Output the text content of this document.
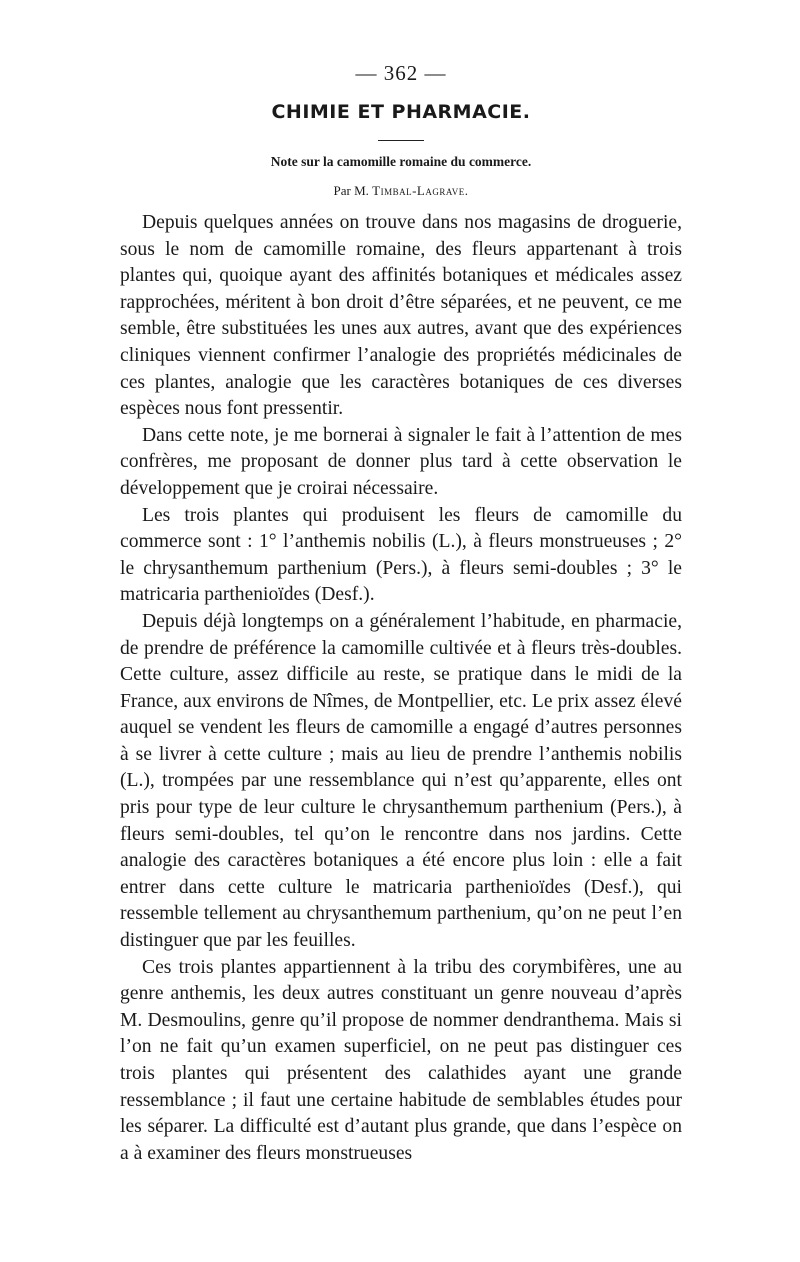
— 362 —
CHIMIE ET PHARMACIE.
Note sur la camomille romaine du commerce.
Par M. Timbal-Lagrave.

Depuis quelques années on trouve dans nos magasins de droguerie, sous le nom de camomille romaine, des fleurs appartenant à trois plantes qui, quoique ayant des affinités botaniques et médicales assez rapprochées, méritent à bon droit d’être séparées, et ne peuvent, ce me semble, être substituées les unes aux autres, avant que des expériences cliniques viennent confirmer l’analogie des propriétés médicinales de ces plantes, analogie que les caractères botaniques de ces diverses espèces nous font pressentir.

Dans cette note, je me bornerai à signaler le fait à l’attention de mes confrères, me proposant de donner plus tard à cette observation le développement que je croirai nécessaire.

Les trois plantes qui produisent les fleurs de camomille du commerce sont : 1° l’anthemis nobilis (L.), à fleurs monstrueuses ; 2° le chrysanthemum parthenium (Pers.), à fleurs semi-doubles ; 3° le matricaria parthenioïdes (Desf.).

Depuis déjà longtemps on a généralement l’habitude, en pharmacie, de prendre de préférence la camomille cultivée et à fleurs très-doubles. Cette culture, assez difficile au reste, se pratique dans le midi de la France, aux environs de Nîmes, de Montpellier, etc. Le prix assez élevé auquel se vendent les fleurs de camomille a engagé d’autres personnes à se livrer à cette culture ; mais au lieu de prendre l’anthemis nobilis (L.), trompées par une ressemblance qui n’est qu’apparente, elles ont pris pour type de leur culture le chrysanthemum parthenium (Pers.), à fleurs semi-doubles, tel qu’on le rencontre dans nos jardins. Cette analogie des caractères botaniques a été encore plus loin : elle a fait entrer dans cette culture le matricaria parthenioïdes (Desf.), qui ressemble tellement au chrysanthemum parthenium, qu’on ne peut l’en distinguer que par les feuilles.

Ces trois plantes appartiennent à la tribu des corymbifères, une au genre anthemis, les deux autres constituant un genre nouveau d’après M. Desmoulins, genre qu’il propose de nommer dendranthema. Mais si l’on ne fait qu’un examen superficiel, on ne peut pas distinguer ces trois plantes qui présentent des calathides ayant une grande ressemblance ; il faut une certaine habitude de semblables études pour les séparer. La difficulté est d’autant plus grande, que dans l’espèce on a à examiner des fleurs monstrueuses
